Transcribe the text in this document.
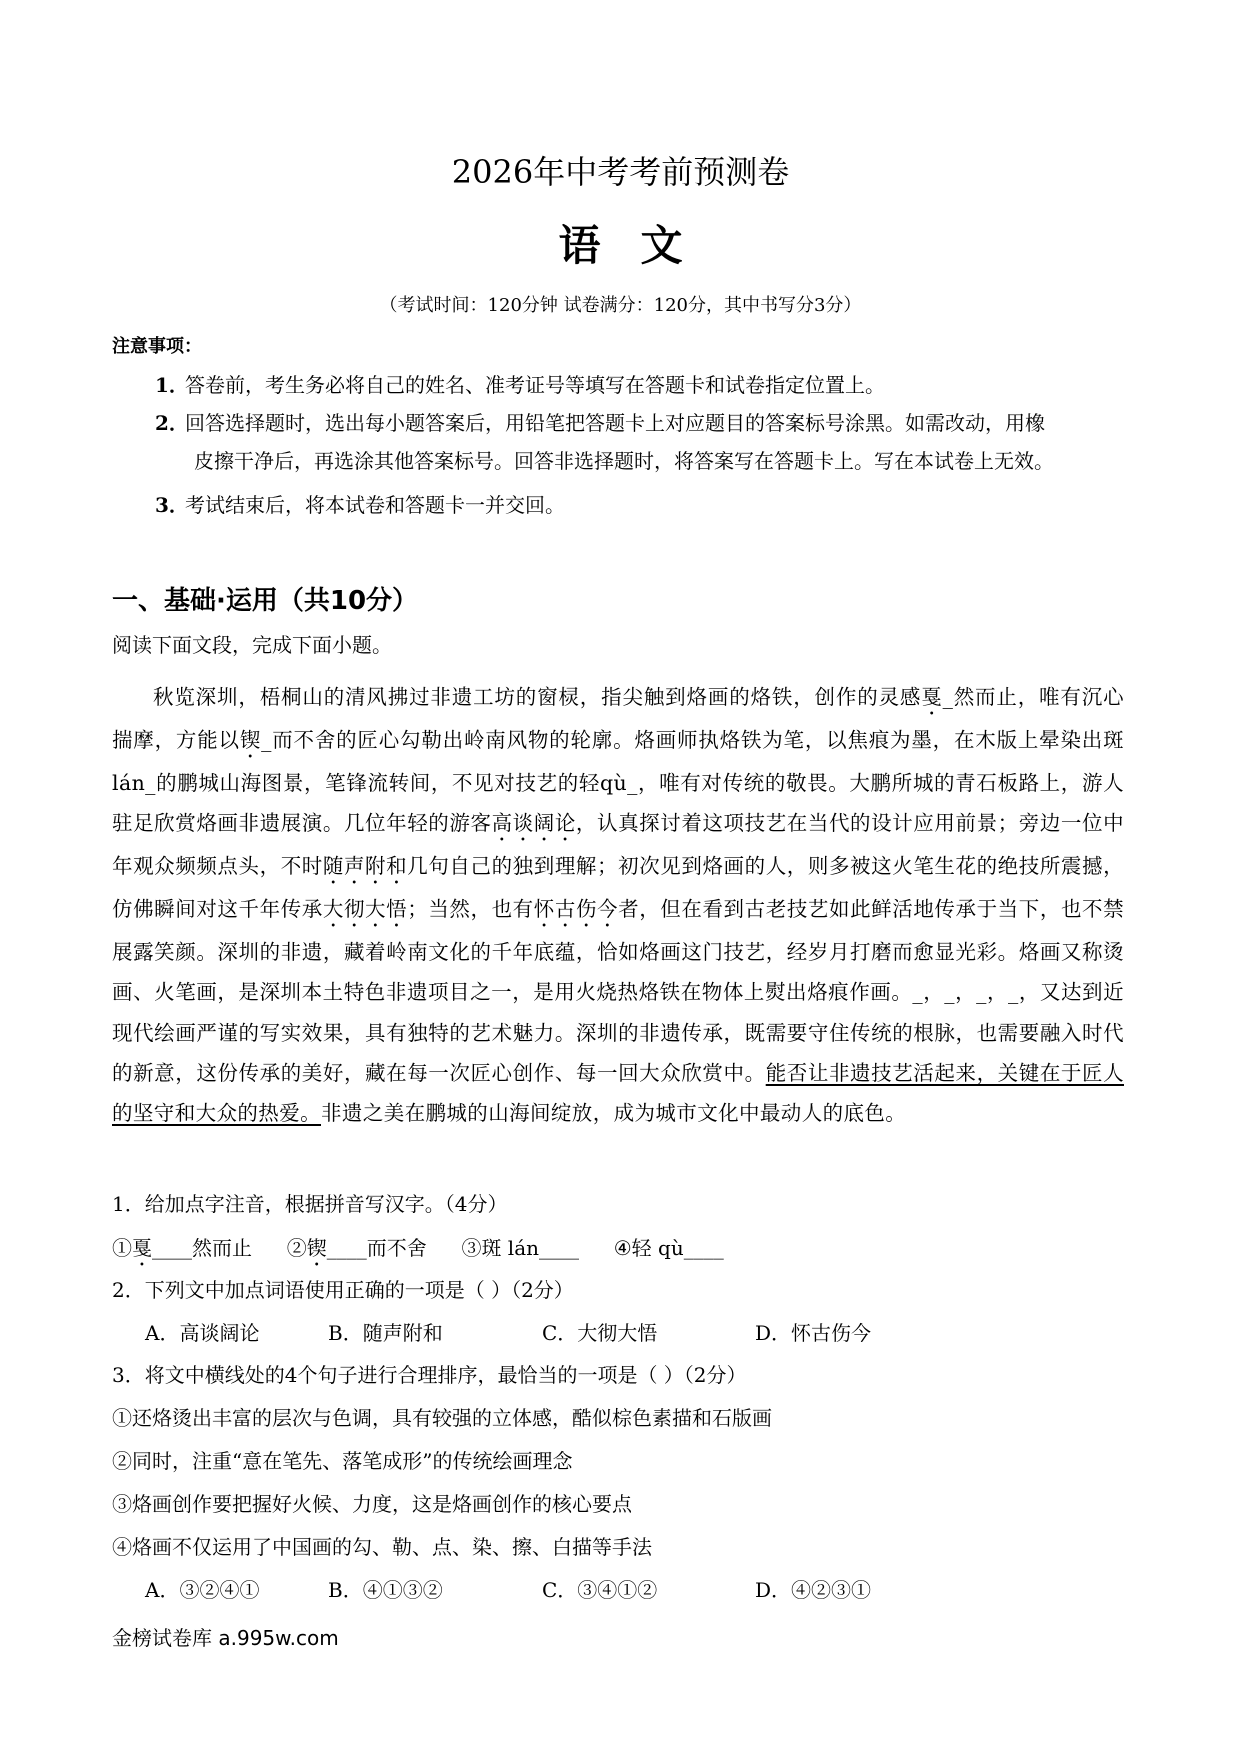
2026年中考考前预测卷
语文
（考试时间：120分钟 试卷满分：120分，其中书写分3分）
注意事项：
1．答卷前，考生务必将自己的姓名、准考证号等填写在答题卡和试卷指定位置上。
2．回答选择题时，选出每小题答案后，用铅笔把答题卡上对应题目的答案标号涂黑。如需改动，用橡
皮擦干净后，再选涂其他答案标号。回答非选择题时，将答案写在答题卡上。写在本试卷上无效。
3．考试结束后，将本试卷和答题卡一并交回。
一、基础·运用（共10分）
阅读下面文段，完成下面小题。

秋览深圳，梧桐山的清风拂过非遗工坊的窗棂，指尖触到烙画的烙铁，创作的灵感戛_然而止，唯有沉心揣摩，方能以锲_而不舍的匠心勾勒出岭南风物的轮廓。烙画师执烙铁为笔，以焦痕为墨，在木版上晕染出斑lán_的鹏城山海图景，笔锋流转间，不见对技艺的轻qù_，唯有对传统的敬畏。大鹏所城的青石板路上，游人驻足欣赏烙画非遗展演。几位年轻的游客高谈阔论，认真探讨着这项技艺在当代的设计应用前景；旁边一位中年观众频频点头，不时随声附和几句自己的独到理解；初次见到烙画的人，则多被这火笔生花的绝技所震撼，仿佛瞬间对这千年传承大彻大悟；当然，也有怀古伤今者，但在看到古老技艺如此鲜活地传承于当下，也不禁展露笑颜。深圳的非遗，藏着岭南文化的千年底蕴，恰如烙画这门技艺，经岁月打磨而愈显光彩。烙画又称烫画、火笔画，是深圳本土特色非遗项目之一，是用火烧热烙铁在物体上熨出烙痕作画。_，_，_，_，又达到近现代绘画严谨的写实效果，具有独特的艺术魅力。深圳的非遗传承，既需要守住传统的根脉，也需要融入时代的新意，这份传承的美好，藏在每一次匠心创作、每一回大众欣赏中。能否让非遗技艺活起来，关键在于匠人的坚守和大众的热爱。非遗之美在鹏城的山海间绽放，成为城市文化中最动人的底色。

1．给加点字注音，根据拼音写汉字。（4分）
①戛____然而止 ②锲____而不舍 ③斑 lán____ ④轻 qù____
2．下列文中加点词语使用正确的一项是（ ）（2分）
A．高谈阔论	B．随声附和	C．大彻大悟	D．怀古伤今
3．将文中横线处的4个句子进行合理排序，最恰当的一项是（ ）（2分）
①还烙烫出丰富的层次与色调，具有较强的立体感，酷似棕色素描和石版画
②同时，注重“意在笔先、落笔成形”的传统绘画理念
③烙画创作要把握好火候、力度，这是烙画创作的核心要点
④烙画不仅运用了中国画的勾、勒、点、染、擦、白描等手法
A．③②④①	B．④①③②	C．③④①②	D．④②③①
金榜试卷库 a.995w.com
